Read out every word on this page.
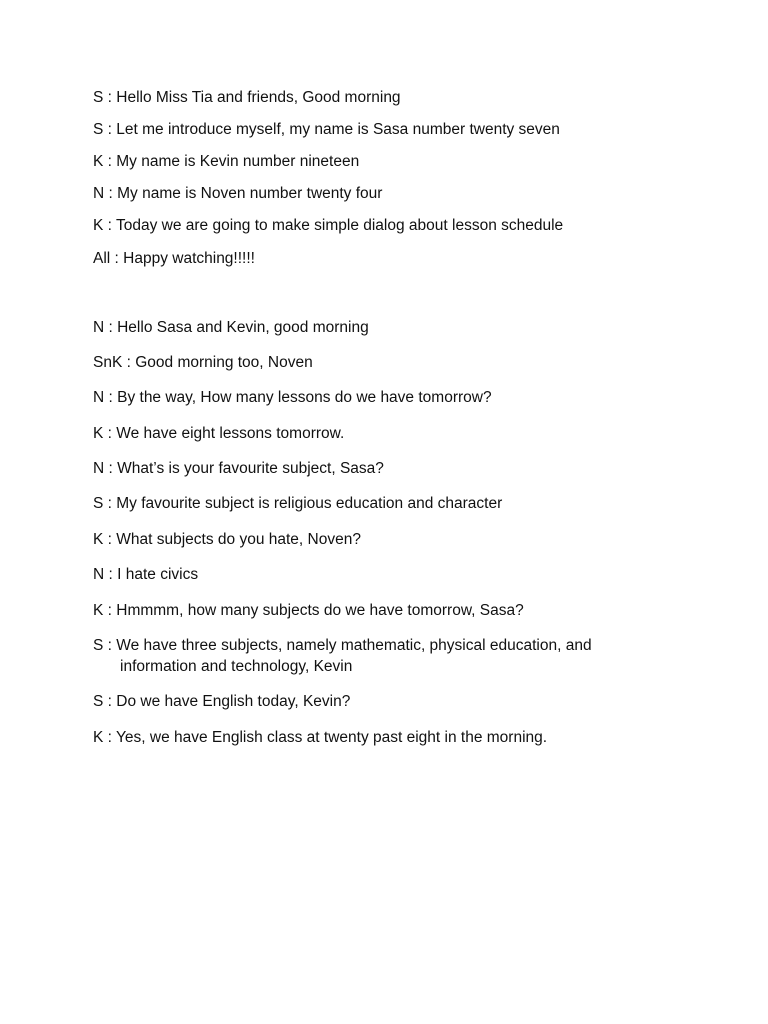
S : Hello Miss Tia and friends, Good morning
S : Let me introduce myself, my name is Sasa number twenty seven
K : My name is Kevin number nineteen
N : My name is Noven number twenty four
K : Today we are going to make simple dialog about lesson schedule
All : Happy watching!!!!!
N : Hello Sasa and Kevin, good morning
SnK : Good morning too, Noven
N : By the way, How many lessons do we have tomorrow?
K : We have eight lessons tomorrow.
N : What’s is your favourite subject, Sasa?
S : My favourite subject is religious education and character
K : What subjects do you hate, Noven?
N : I hate civics
K : Hmmmm, how many subjects do we have tomorrow, Sasa?
S : We have three subjects, namely mathematic, physical education, and
information and technology, Kevin
S : Do we have English today, Kevin?
K : Yes, we have English class at twenty past eight in the morning.
